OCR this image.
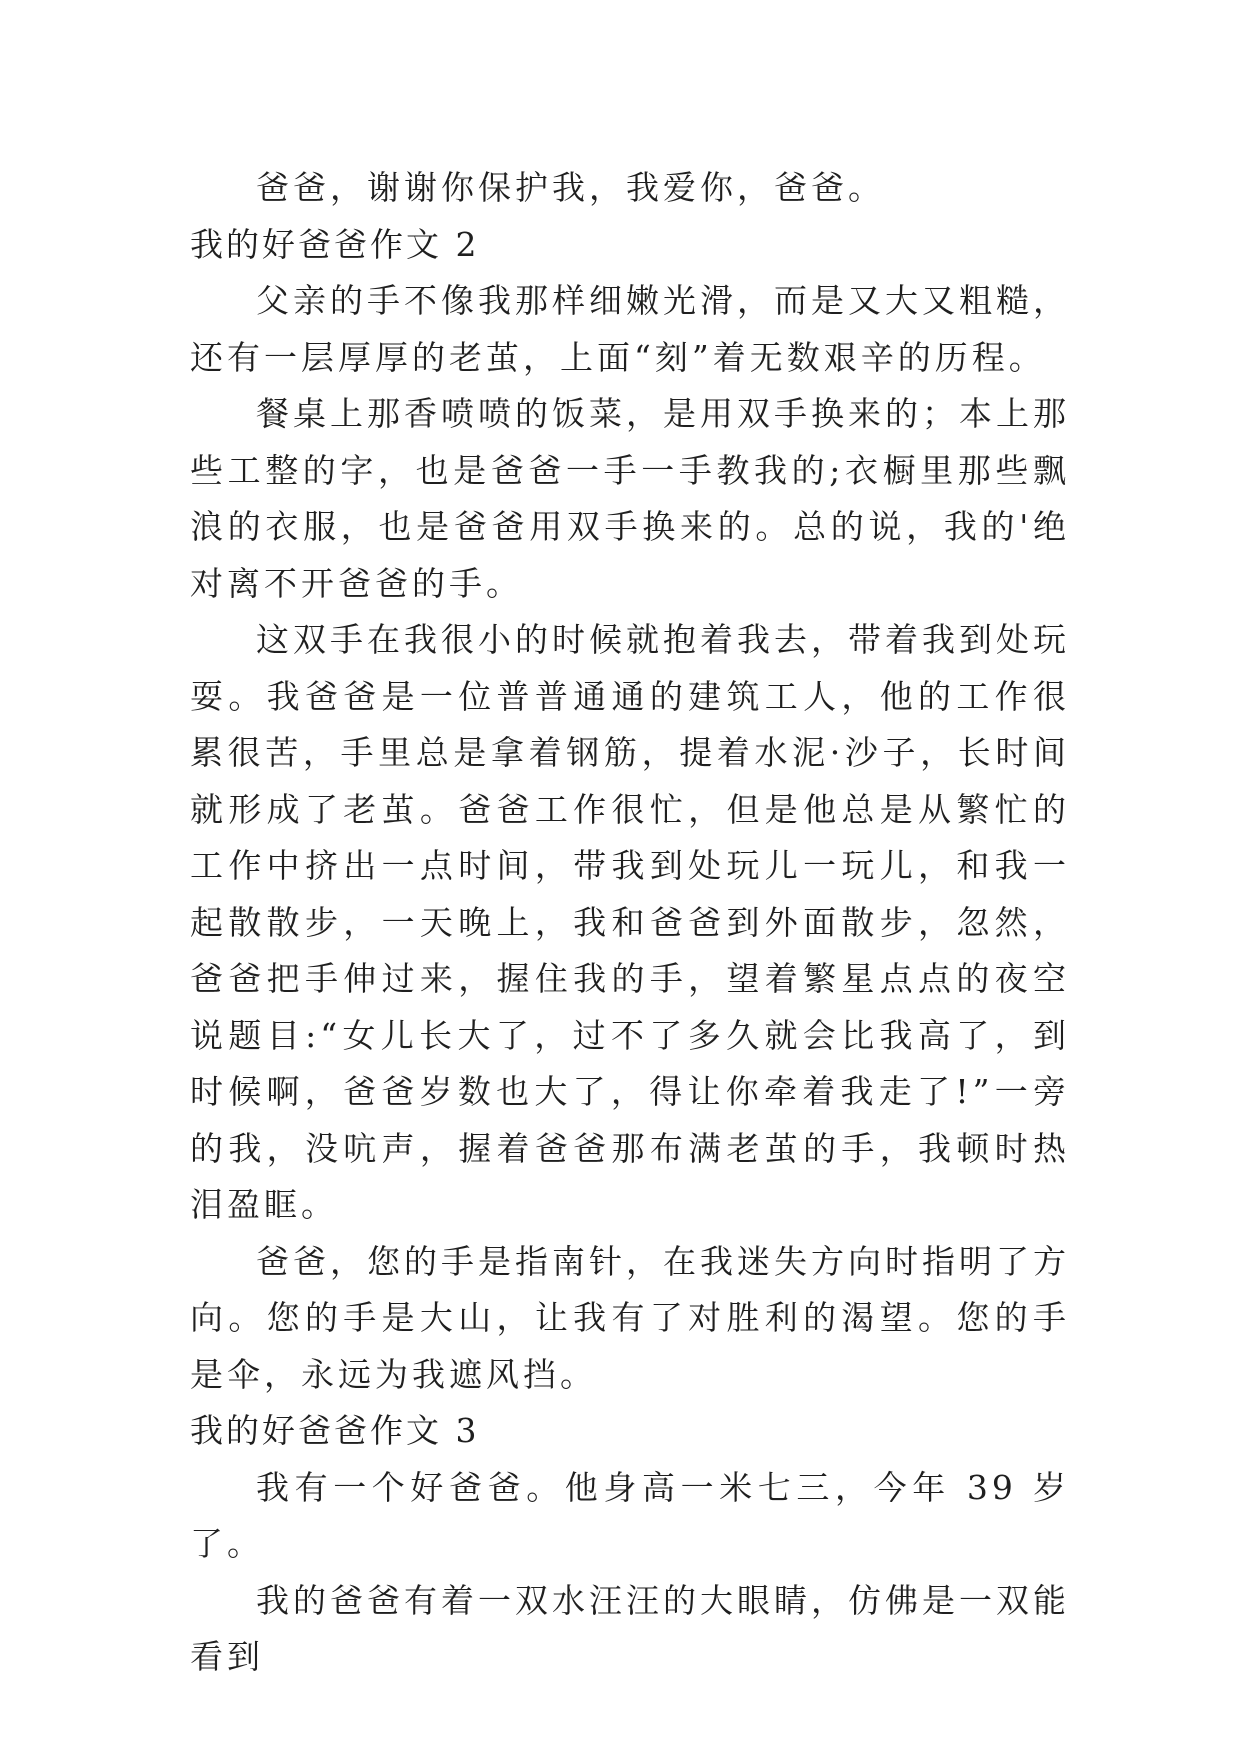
爸爸，谢谢你保护我，我爱你，爸爸。

我的好爸爸作文 2

父亲的手不像我那样细嫩光滑，而是又大又粗糙，还有一层厚厚的老茧，上面“刻”着无数艰辛的历程。

餐桌上那香喷喷的饭菜，是用双手换来的；本上那些工整的字，也是爸爸一手一手教我的;衣橱里那些飘浪的衣服，也是爸爸用双手换来的。总的说，我的'绝对离不开爸爸的手。

这双手在我很小的时候就抱着我去，带着我到处玩耍。我爸爸是一位普普通通的建筑工人，他的工作很累很苦，手里总是拿着钢筋，提着水泥·沙子，长时间就形成了老茧。爸爸工作很忙，但是他总是从繁忙的工作中挤出一点时间，带我到处玩儿一玩儿，和我一起散散步，一天晚上，我和爸爸到外面散步，忽然，爸爸把手伸过来，握住我的手，望着繁星点点的夜空说题目:“女儿长大了，过不了多久就会比我高了，到时候啊，爸爸岁数也大了，得让你牵着我走了!”一旁的我，没吭声，握着爸爸那布满老茧的手，我顿时热泪盈眶。

爸爸，您的手是指南针，在我迷失方向时指明了方向。您的手是大山，让我有了对胜利的渴望。您的手是伞，永远为我遮风挡。

我的好爸爸作文 3

我有一个好爸爸。他身高一米七三，今年 39 岁了。

我的爸爸有着一双水汪汪的大眼睛，仿佛是一双能看到
